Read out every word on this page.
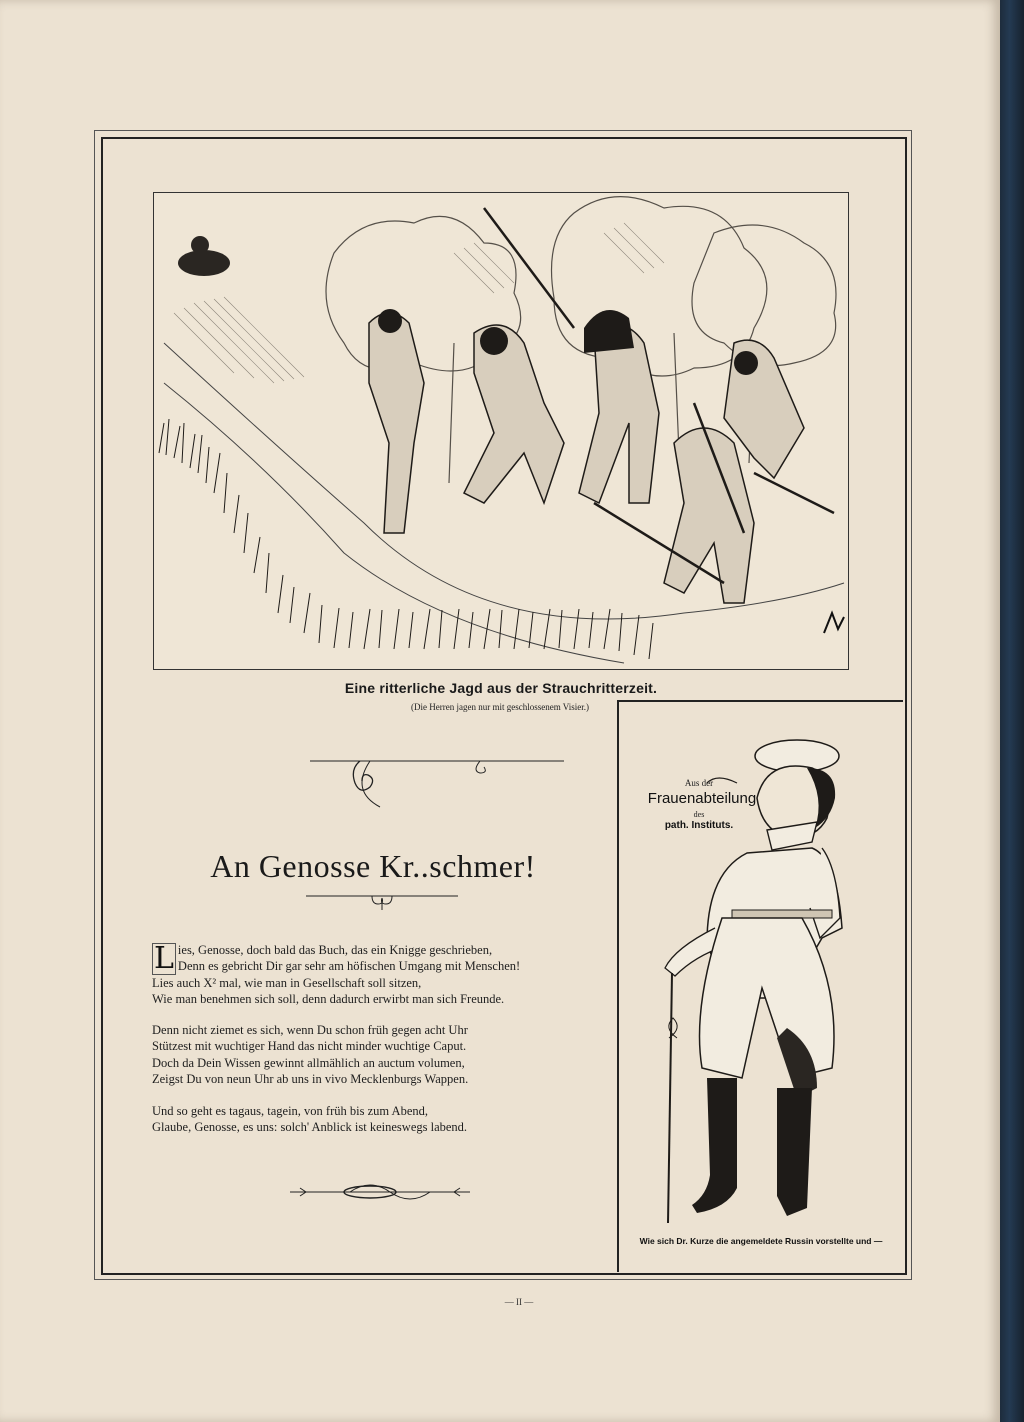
Eine ritterliche Jagd aus der Strauchritterzeit.
(Die Herren jagen nur mit geschlossenem Visier.)
An Genosse Kr..schmer!
L ies, Genosse, doch bald das Buch, das ein Knigge geschrieben,

Denn es gebricht Dir gar sehr am höfischen Umgang mit Menschen!

Lies auch X² mal, wie man in Gesellschaft soll sitzen,

Wie man benehmen sich soll, denn dadurch erwirbt man sich Freunde.

Denn nicht ziemet es sich, wenn Du schon früh gegen acht Uhr

Stützest mit wuchtiger Hand das nicht minder wuchtige Caput.

Doch da Dein Wissen gewinnt allmählich an auctum volumen,

Zeigst Du von neun Uhr ab uns in vivo Mecklenburgs Wappen.

Und so geht es tagaus, tagein, von früh bis zum Abend,

Glaube, Genosse, es uns: solch' Anblick ist keineswegs labend.

Aus der
Frauenabteilung
des
path. Instituts.
Wie sich Dr. Kurze die angemeldete Russin vorstellte und —
— II —
